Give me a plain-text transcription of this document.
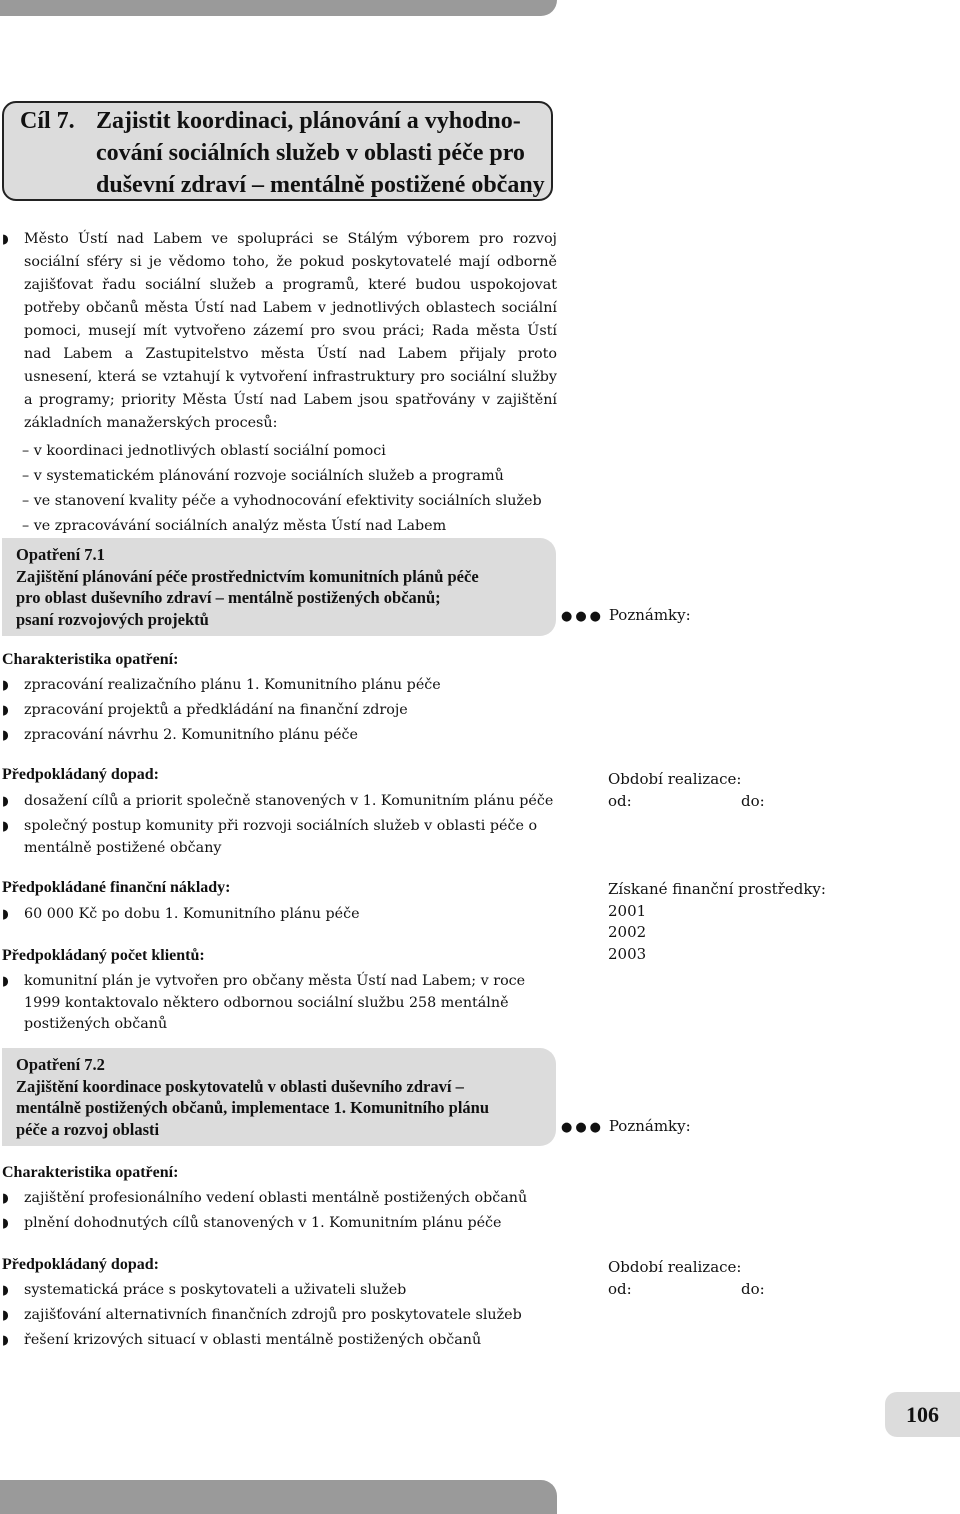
Cíl 7. Zajistit koordinaci, plánování a vyhodno-
cování sociálních služeb v oblasti péče pro
duševní zdraví – mentálně postižené občany
◗ Město Ústí nad Labem ve spolupráci se Stálým výborem pro rozvoj sociální sféry si je vědomo toho, že pokud poskytovatelé mají odborně zajišťovat řadu sociální služeb a programů, které budou uspokojovat potřeby občanů města Ústí nad Labem v jednotlivých oblastech sociální pomoci, musejí mít vytvořeno zázemí pro svou práci; Rada města Ústí nad Labem a Zastupitelstvo města Ústí nad Labem přijaly proto usnesení, která se vztahují k vytvoření infrastruktury pro sociální služby a programy; priority Města Ústí nad Labem jsou spatřovány v zajištění základních manažerských procesů:

– v koordinaci jednotlivých oblastí sociální pomoci
– v systematickém plánování rozvoje sociálních služeb a programů
– ve stanovení kvality péče a vyhodnocování efektivity sociálních služeb
– ve zpracovávání sociálních analýz města Ústí nad Labem
Opatření 7.1
Zajištění plánování péče prostřednictvím komunitních plánů péče
pro oblast duševního zdraví – mentálně postižených občanů;
psaní rozvojových projektů	●●● Poznámky:
Charakteristika opatření:
◗ zpracování realizačního plánu 1. Komunitního plánu péče
◗ zpracování projektů a předkládání na finanční zdroje
◗ zpracování návrhu 2. Komunitního plánu péče
Předpokládaný dopad:
◗ dosažení cílů a priorit společně stanovených v 1. Komunitním plánu péče
◗ společný postup komunity při rozvoji sociálních služeb v oblasti péče o mentálně postižené občany
Období realizace:
od:	do:
Předpokládané finanční náklady:
◗ 60 000 Kč po dobu 1. Komunitního plánu péče
Získané finanční prostředky:
2001
2002
2003
Předpokládaný počet klientů:
◗ komunitní plán je vytvořen pro občany města Ústí nad Labem; v roce 1999 kontaktovalo některo odbornou sociální službu 258 mentálně postižených občanů
Opatření 7.2
Zajištění koordinace poskytovatelů v oblasti duševního zdraví –
mentálně postižených občanů, implementace 1. Komunitního plánu
péče a rozvoj oblasti	●●● Poznámky:
Charakteristika opatření:
◗ zajištění profesionálního vedení oblasti mentálně postižených občanů
◗ plnění dohodnutých cílů stanovených v 1. Komunitním plánu péče
Předpokládaný dopad:
◗ systematická práce s poskytovateli a uživateli služeb
◗ zajišťování alternativních finančních zdrojů pro poskytovatele služeb
◗ řešení krizových situací v oblasti mentálně postižených občanů
Období realizace:
od:	do:
106
